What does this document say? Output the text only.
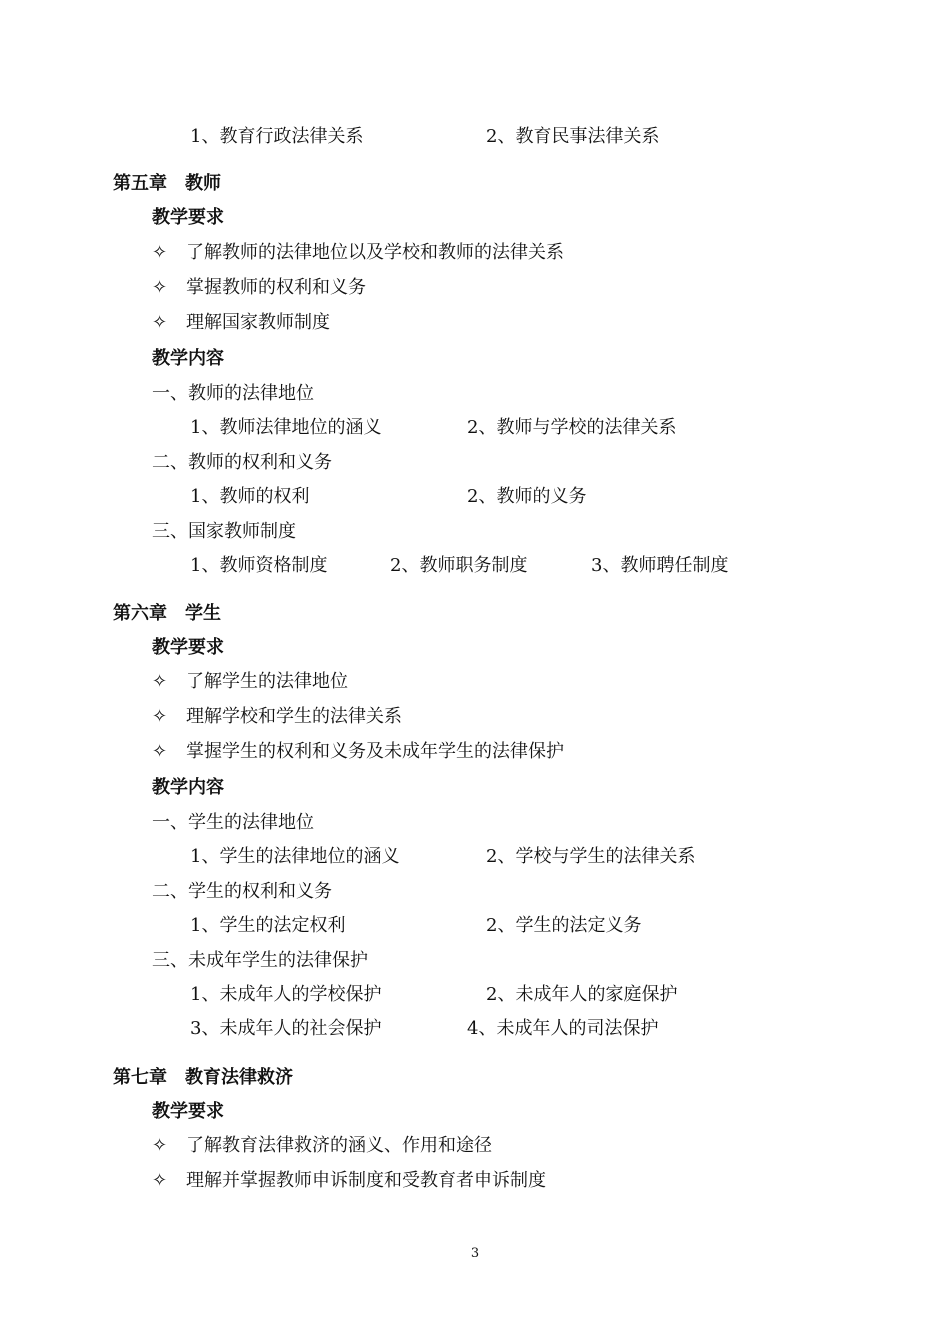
1、教育行政法律关系	2、教育民事法律关系
第五章　教师
教学要求
✧ 了解教师的法律地位以及学校和教师的法律关系
✧ 掌握教师的权利和义务
✧ 理解国家教师制度
教学内容
一、教师的法律地位
1、教师法律地位的涵义	2、教师与学校的法律关系
二、教师的权利和义务
1、教师的权利	2、教师的义务
三、国家教师制度
1、教师资格制度	2、教师职务制度	3、教师聘任制度
第六章　学生
教学要求
✧ 了解学生的法律地位
✧ 理解学校和学生的法律关系
✧ 掌握学生的权利和义务及未成年学生的法律保护
教学内容
一、学生的法律地位
1、学生的法律地位的涵义	2、学校与学生的法律关系
二、学生的权利和义务
1、学生的法定权利	2、学生的法定义务
三、未成年学生的法律保护
1、未成年人的学校保护	2、未成年人的家庭保护
3、未成年人的社会保护	4、未成年人的司法保护
第七章　教育法律救济
教学要求
✧ 了解教育法律救济的涵义、作用和途径
✧ 理解并掌握教师申诉制度和受教育者申诉制度
3
